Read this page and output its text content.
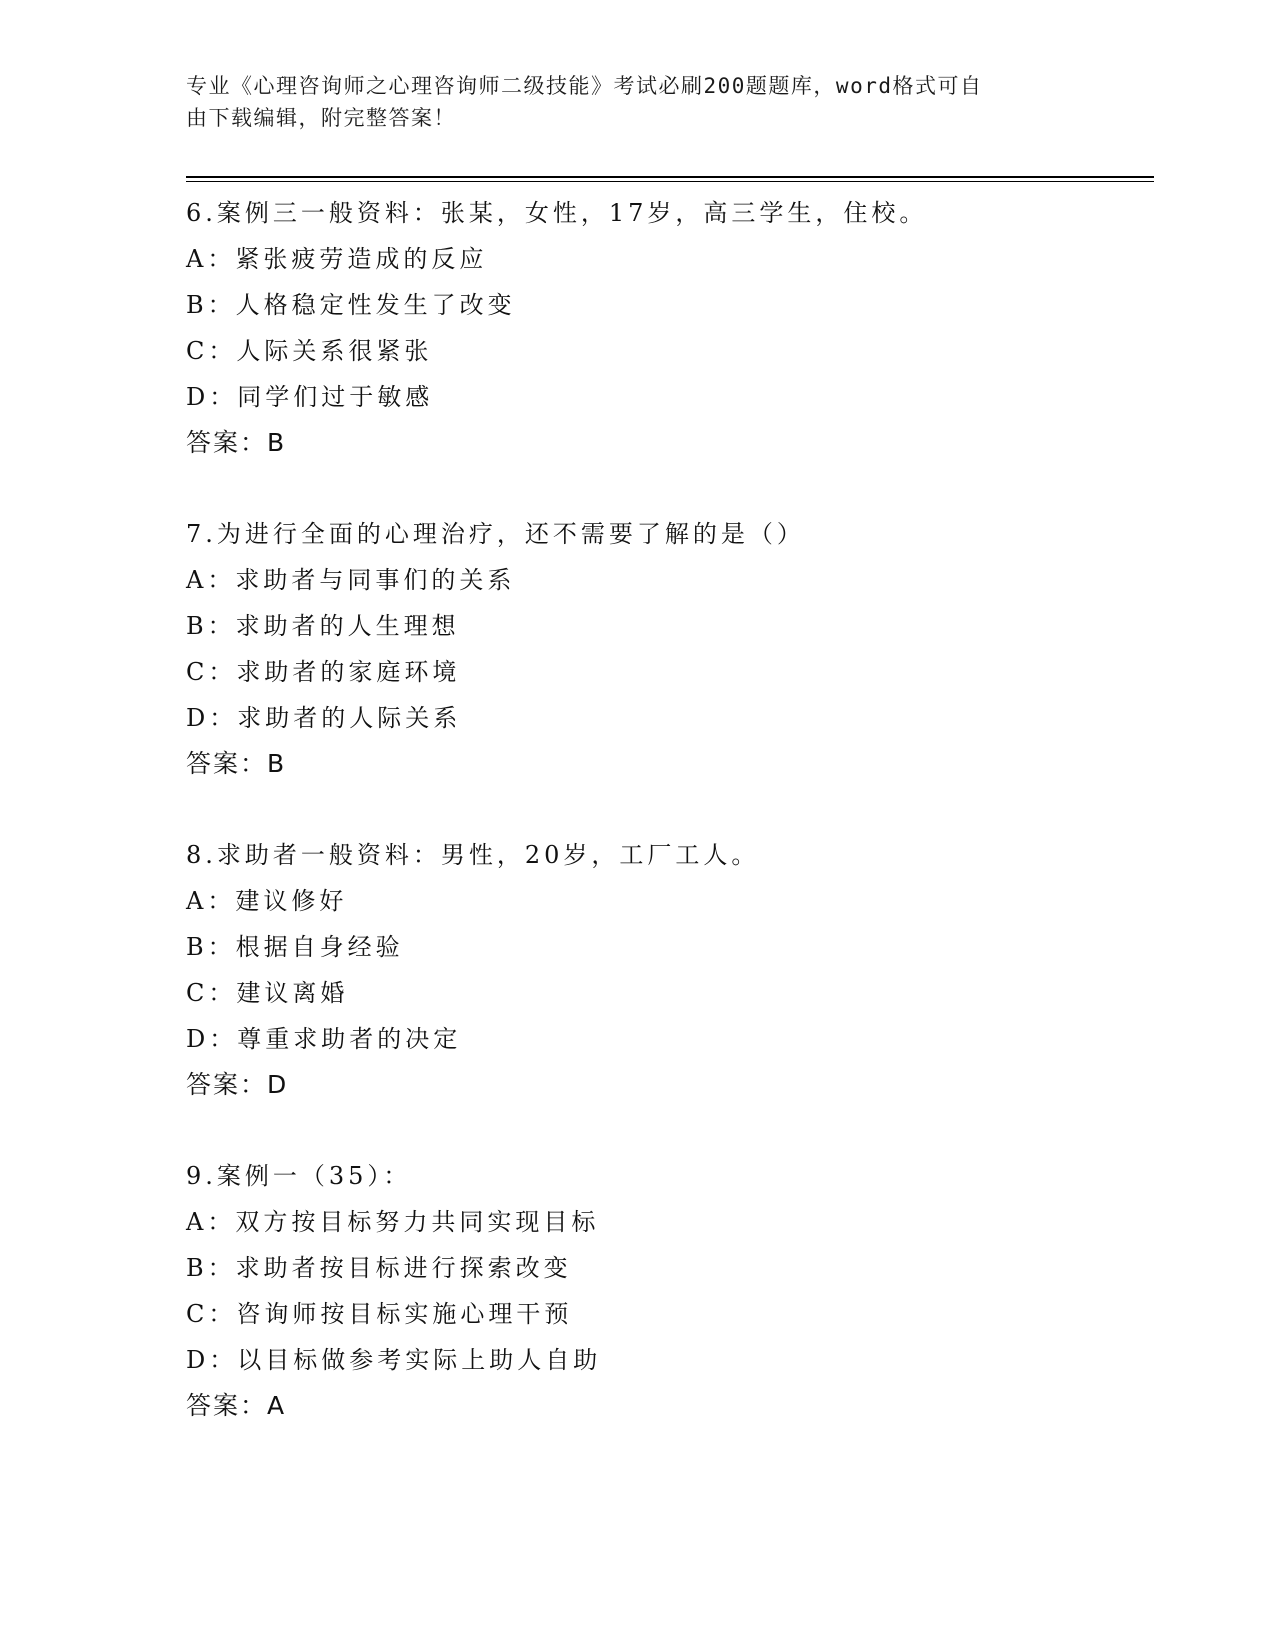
专业《心理咨询师之心理咨询师二级技能》考试必刷200题题库，word格式可自
由下载编辑，附完整答案！
6.案例三一般资料：张某，女性，17岁，高三学生，住校。
A：紧张疲劳造成的反应
B：人格稳定性发生了改变
C：人际关系很紧张
D：同学们过于敏感
答案：B
7.为进行全面的心理治疗，还不需要了解的是（）
A：求助者与同事们的关系
B：求助者的人生理想
C：求助者的家庭环境
D：求助者的人际关系
答案：B
8.求助者一般资料：男性，20岁，工厂工人。
A：建议修好
B：根据自身经验
C：建议离婚
D：尊重求助者的决定
答案：D
9.案例一（35）：
A：双方按目标努力共同实现目标
B：求助者按目标进行探索改变
C：咨询师按目标实施心理干预
D：以目标做参考实际上助人自助
答案：A
